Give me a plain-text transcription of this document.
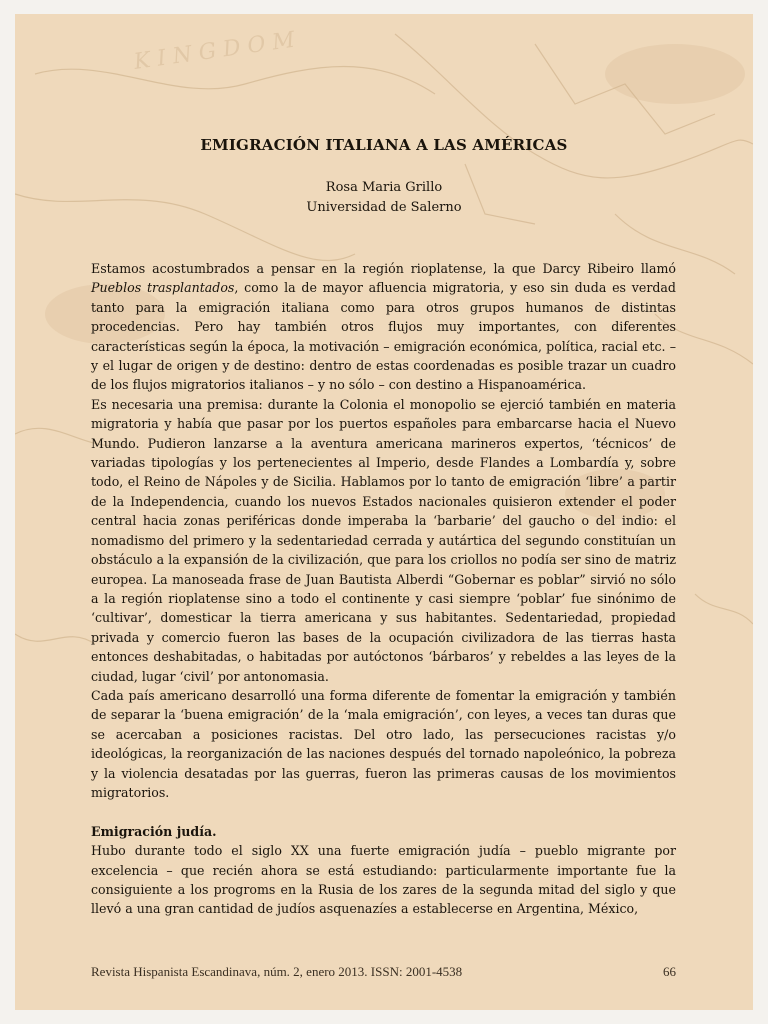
K I N G D O M
EMIGRACIÓN ITALIANA A LAS AMÉRICAS

Rosa Maria Grillo

Universidad de Salerno

Estamos acostumbrados a pensar en la región rioplatense, la que Darcy Ribeiro llamó Pueblos trasplantados, como la de mayor afluencia migratoria, y eso sin duda es verdad tanto para la emigración italiana como para otros grupos humanos de distintas procedencias. Pero hay también otros flujos muy importantes, con diferentes características según la época, la motivación – emigración económica, política, racial etc. – y el lugar de origen y de destino: dentro de estas coordenadas es posible trazar un cuadro de los flujos migratorios italianos – y no sólo – con destino a Hispanoamérica.

Es necesaria una premisa: durante la Colonia el monopolio se ejerció también en materia migratoria y había que pasar por los puertos españoles para embarcarse hacia el Nuevo Mundo. Pudieron lanzarse a la aventura americana marineros expertos, ‘técnicos’ de variadas tipologías y los pertenecientes al Imperio, desde Flandes a Lombardía y, sobre todo, el Reino de Nápoles y de Sicilia. Hablamos por lo tanto de emigración ‘libre’ a partir de la Independencia, cuando los nuevos Estados nacionales quisieron extender el poder central hacia zonas periféricas donde imperaba la ‘barbarie’ del gaucho o del indio: el nomadismo del primero y la sedentariedad cerrada y autártica del segundo constituían un obstáculo a la expansión de la civilización, que para los criollos no podía ser sino de matriz europea. La manoseada frase de Juan Bautista Alberdi “Gobernar es poblar” sirvió no sólo a la región rioplatense sino a todo el continente y casi siempre ‘poblar’ fue sinónimo de ‘cultivar’, domesticar la tierra americana y sus habitantes. Sedentariedad, propiedad privada y comercio fueron las bases de la ocupación civilizadora de las tierras hasta entonces deshabitadas, o habitadas por autóctonos ‘bárbaros’ y rebeldes a las leyes de la ciudad, lugar ‘civil’ por antonomasia.

Cada país americano desarrolló una forma diferente de fomentar la emigración y también de separar la ‘buena emigración’ de la ‘mala emigración’, con leyes, a veces tan duras que se acercaban a posiciones racistas. Del otro lado, las persecuciones racistas y/o ideológicas, la reorganización de las naciones después del tornado napoleónico, la pobreza y la violencia desatadas por las guerras, fueron las primeras causas de los movimientos migratorios.

Emigración judía.

Hubo durante todo el siglo XX una fuerte emigración judía – pueblo migrante por excelencia – que recién ahora se está estudiando: particularmente importante fue la consiguiente a los progroms en la Rusia de los zares de la segunda mitad del siglo y que llevó a una gran cantidad de judíos asquenazíes a establecerse en Argentina, México,

Revista Hispanista Escandinava, núm. 2, enero 2013. ISSN: 2001-4538	66
